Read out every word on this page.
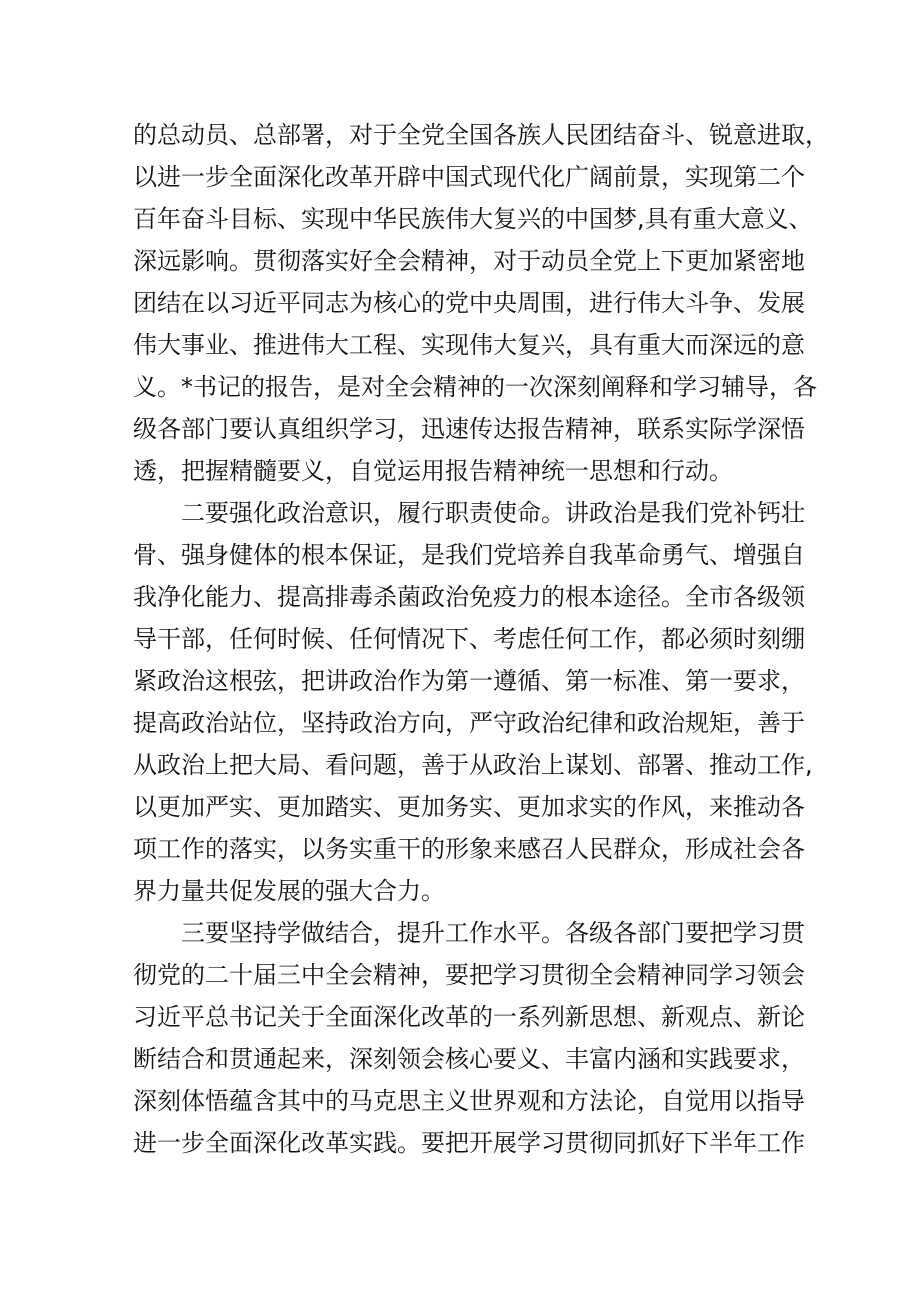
的总动员、总部署，对于全党全国各族人民团结奋斗、锐意进取，
以进一步全面深化改革开辟中国式现代化广阔前景，实现第二个
百年奋斗目标、实现中华民族伟大复兴的中国梦,具有重大意义、
深远影响。贯彻落实好全会精神，对于动员全党上下更加紧密地
团结在以习近平同志为核心的党中央周围，进行伟大斗争、发展
伟大事业、推进伟大工程、实现伟大复兴，具有重大而深远的意
义。*书记的报告，是对全会精神的一次深刻阐释和学习辅导，各
级各部门要认真组织学习，迅速传达报告精神，联系实际学深悟
透，把握精髓要义，自觉运用报告精神统一思想和行动。
二要强化政治意识，履行职责使命。讲政治是我们党补钙壮
骨、强身健体的根本保证，是我们党培养自我革命勇气、增强自
我净化能力、提高排毒杀菌政治免疫力的根本途径。全市各级领
导干部，任何时候、任何情况下、考虑任何工作，都必须时刻绷
紧政治这根弦，把讲政治作为第一遵循、第一标准、第一要求，
提高政治站位，坚持政治方向，严守政治纪律和政治规矩，善于
从政治上把大局、看问题，善于从政治上谋划、部署、推动工作,
以更加严实、更加踏实、更加务实、更加求实的作风，来推动各
项工作的落实，以务实重干的形象来感召人民群众，形成社会各
界力量共促发展的强大合力。
三要坚持学做结合，提升工作水平。各级各部门要把学习贯
彻党的二十届三中全会精神，要把学习贯彻全会精神同学习领会
习近平总书记关于全面深化改革的一系列新思想、新观点、新论
断结合和贯通起来，深刻领会核心要义、丰富内涵和实践要求，
深刻体悟蕴含其中的马克思主义世界观和方法论，自觉用以指导
进一步全面深化改革实践。要把开展学习贯彻同抓好下半年工作
